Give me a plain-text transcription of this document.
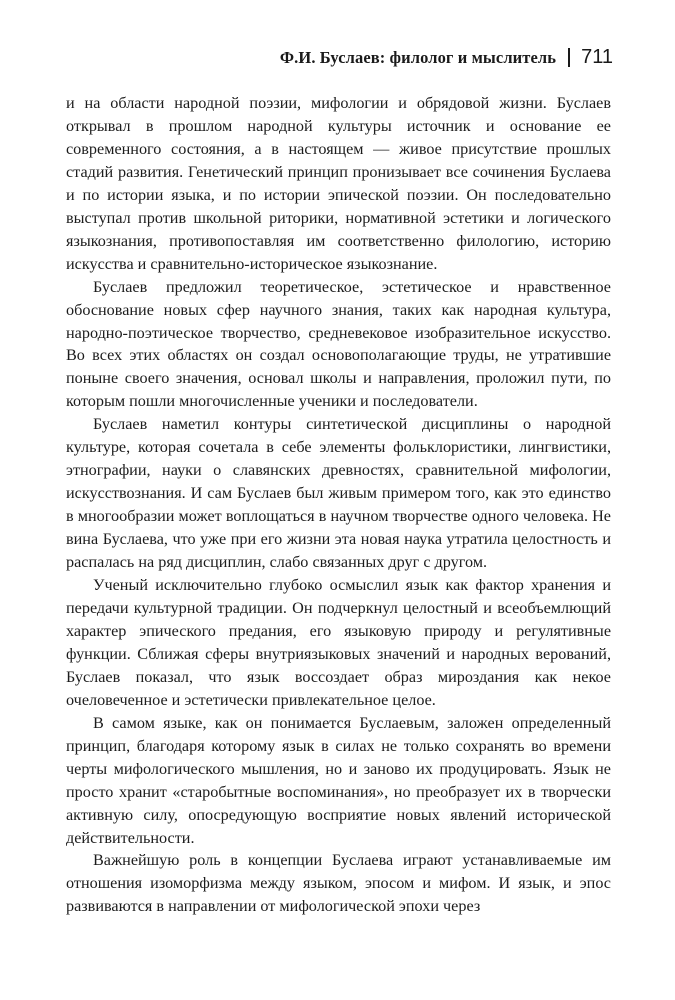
Ф.И. Буслаев: филолог и мыслитель 711

и на области народной поэзии, мифологии и обрядовой жизни. Буслаев открывал в прошлом народной культуры источник и основание ее современного состояния, а в настоящем — живое присутствие прошлых стадий развития. Генетический принцип пронизывает все сочинения Буслаева и по истории языка, и по истории эпической поэзии. Он последовательно выступал против школьной риторики, нормативной эстетики и логического языкознания, противопоставляя им соответственно филологию, историю искусства и сравнительно-историческое языкознание.

Буслаев предложил теоретическое, эстетическое и нравственное обоснование новых сфер научного знания, таких как народная культура, народно-поэтическое творчество, средневековое изобразительное искусство. Во всех этих областях он создал основополагающие труды, не утратившие поныне своего значения, основал школы и направления, проложил пути, по которым пошли многочисленные ученики и последователи.

Буслаев наметил контуры синтетической дисциплины о народной культуре, которая сочетала в себе элементы фольклористики, лингвистики, этнографии, науки о славянских древностях, сравнительной мифологии, искусствознания. И сам Буслаев был живым примером того, как это единство в многообразии может воплощаться в научном творчестве одного человека. Не вина Буслаева, что уже при его жизни эта новая наука утратила целостность и распалась на ряд дисциплин, слабо связанных друг с другом.

Ученый исключительно глубоко осмыслил язык как фактор хранения и передачи культурной традиции. Он подчеркнул целостный и всеобъемлющий характер эпического предания, его языковую природу и регулятивные функции. Сближая сферы внутриязыковых значений и народных верований, Буслаев показал, что язык воссоздает образ мироздания как некое очеловеченное и эстетически привлекательное целое.

В самом языке, как он понимается Буслаевым, заложен определенный принцип, благодаря которому язык в силах не только сохранять во времени черты мифологического мышления, но и заново их продуцировать. Язык не просто хранит «старобытные воспоминания», но преобразует их в творчески активную силу, опосредующую восприятие новых явлений исторической действительности.

Важнейшую роль в концепции Буслаева играют устанавливаемые им отношения изоморфизма между языком, эпосом и мифом. И язык, и эпос развиваются в направлении от мифологической эпохи через
